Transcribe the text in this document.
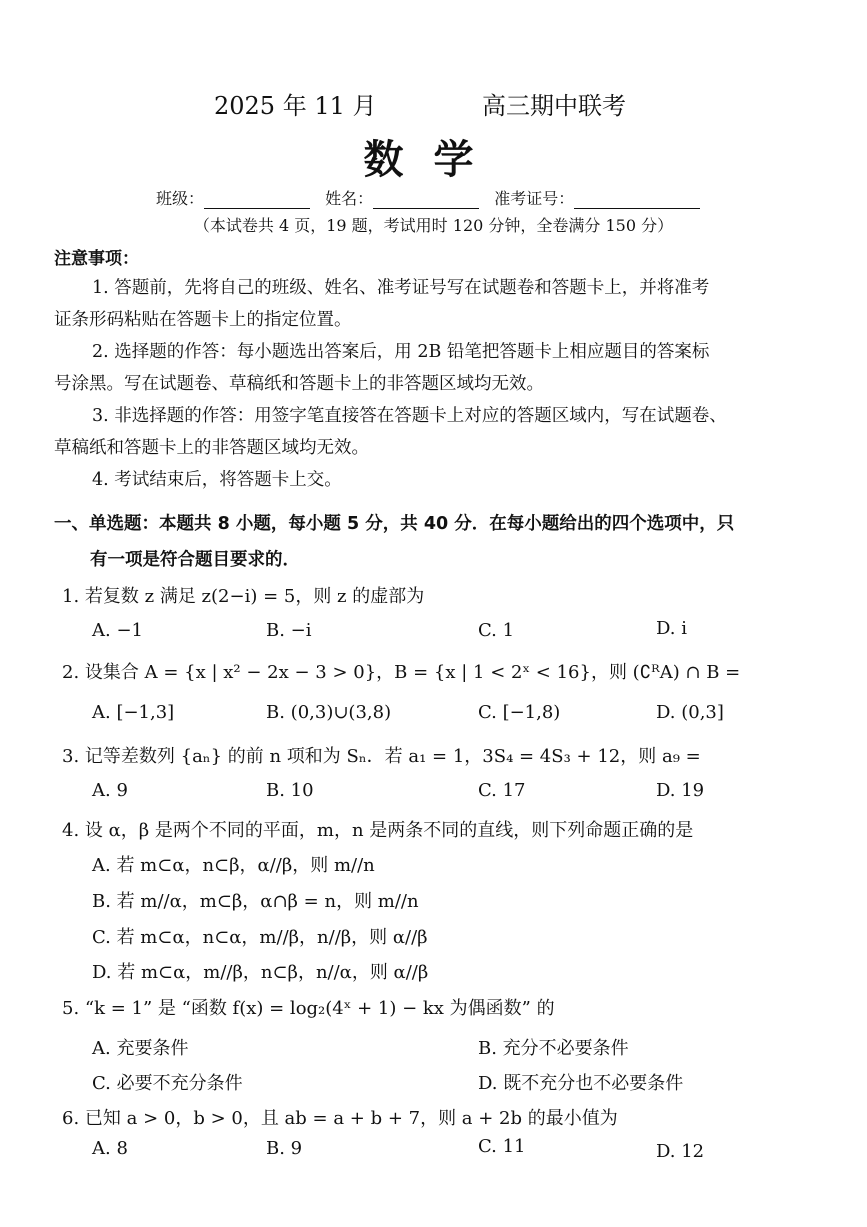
2025 年 11 月	高三期中联考
数学
班级：	姓名：	准考证号：
（本试卷共 4 页，19 题，考试用时 120 分钟，全卷满分 150 分）
注意事项：
1. 答题前，先将自己的班级、姓名、准考证号写在试题卷和答题卡上，并将准考
证条形码粘贴在答题卡上的指定位置。
2. 选择题的作答：每小题选出答案后，用 2B 铅笔把答题卡上相应题目的答案标
号涂黑。写在试题卷、草稿纸和答题卡上的非答题区域均无效。
3. 非选择题的作答：用签字笔直接答在答题卡上对应的答题区域内，写在试题卷、
草稿纸和答题卡上的非答题区域均无效。
4. 考试结束后，将答题卡上交。
一、单选题：本题共 8 小题，每小题 5 分，共 40 分．在每小题给出的四个选项中，只
有一项是符合题目要求的．
1. 若复数 z 满足 z(2−i) = 5，则 z 的虚部为
A. −1	B. −i	C. 1	D. i
2. 设集合 A = {x | x² − 2x − 3 > 0}，B = {x | 1 < 2ˣ < 16}，则 (∁ᴿA) ∩ B =
A. [−1,3]	B. (0,3)∪(3,8)	C. [−1,8)	D. (0,3]
3. 记等差数列 {aₙ} 的前 n 项和为 Sₙ．若 a₁ = 1，3S₄ = 4S₃ + 12，则 a₉ =
A. 9	B. 10	C. 17	D. 19
4. 设 α，β 是两个不同的平面，m，n 是两条不同的直线，则下列命题正确的是
A. 若 m⊂α，n⊂β，α//β，则 m//n
B. 若 m//α，m⊂β，α∩β = n，则 m//n
C. 若 m⊂α，n⊂α，m//β，n//β，则 α//β
D. 若 m⊂α，m//β，n⊂β，n//α，则 α//β
5. “k = 1” 是 “函数 f(x) = log₂(4ˣ + 1) − kx 为偶函数” 的
A. 充要条件	B. 充分不必要条件
C. 必要不充分条件	D. 既不充分也不必要条件
6. 已知 a > 0，b > 0，且 ab = a + b + 7，则 a + 2b 的最小值为
A. 8	B. 9	C. 11	D. 12
